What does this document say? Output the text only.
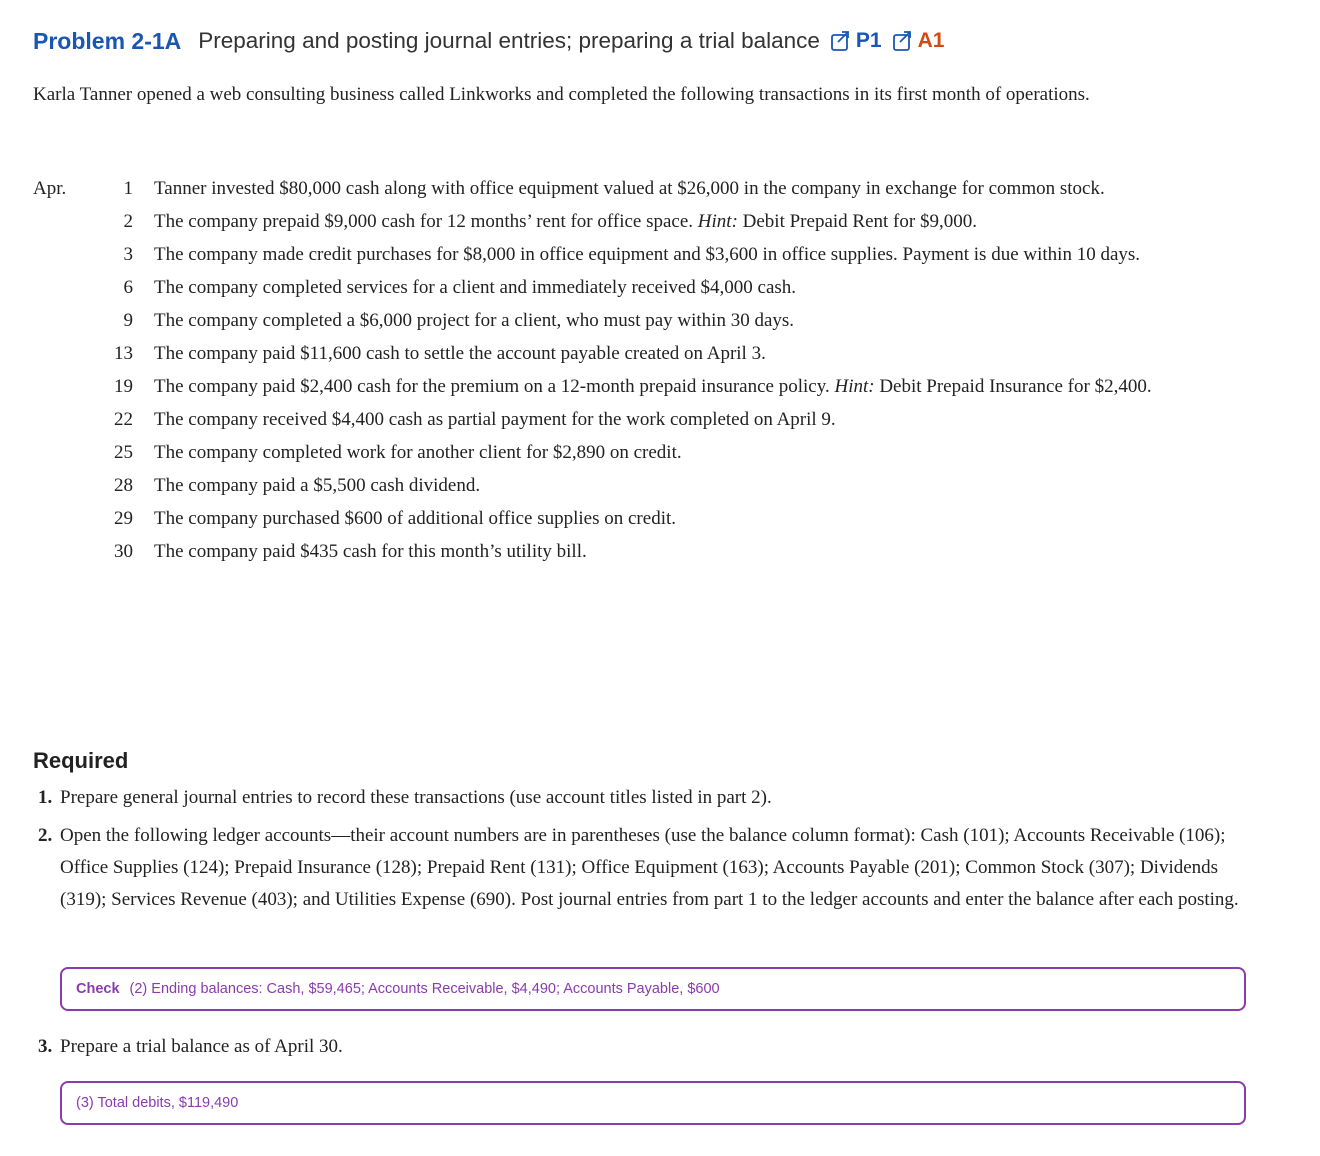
Problem 2-1A Preparing and posting journal entries; preparing a trial balance P1 A1
Karla Tanner opened a web consulting business called Linkworks and completed the following transactions in its first month of operations.
Apr.	1 Tanner invested $80,000 cash along with office equipment valued at $26,000 in the company in exchange for common stock.
2 The company prepaid $9,000 cash for 12 months’ rent for office space. Hint: Debit Prepaid Rent for $9,000.
3 The company made credit purchases for $8,000 in office equipment and $3,600 in office supplies. Payment is due within 10 days.
6 The company completed services for a client and immediately received $4,000 cash.
9 The company completed a $6,000 project for a client, who must pay within 30 days.
13 The company paid $11,600 cash to settle the account payable created on April 3.
19 The company paid $2,400 cash for the premium on a 12-month prepaid insurance policy. Hint: Debit Prepaid Insurance for $2,400.
22 The company received $4,400 cash as partial payment for the work completed on April 9.
25 The company completed work for another client for $2,890 on credit.
28 The company paid a $5,500 cash dividend.
29 The company purchased $600 of additional office supplies on credit.
30 The company paid $435 cash for this month’s utility bill.
Required
1. Prepare general journal entries to record these transactions (use account titles listed in part 2).
2. Open the following ledger accounts—their account numbers are in parentheses (use the balance column format): Cash (101); Accounts Receivable (106); Office Supplies (124); Prepaid Insurance (128); Prepaid Rent (131); Office Equipment (163); Accounts Payable (201); Common Stock (307); Dividends (319); Services Revenue (403); and Utilities Expense (690). Post journal entries from part 1 to the ledger accounts and enter the balance after each posting.
Check (2) Ending balances: Cash, $59,465; Accounts Receivable, $4,490; Accounts Payable, $600
3. Prepare a trial balance as of April 30.
(3) Total debits, $119,490
